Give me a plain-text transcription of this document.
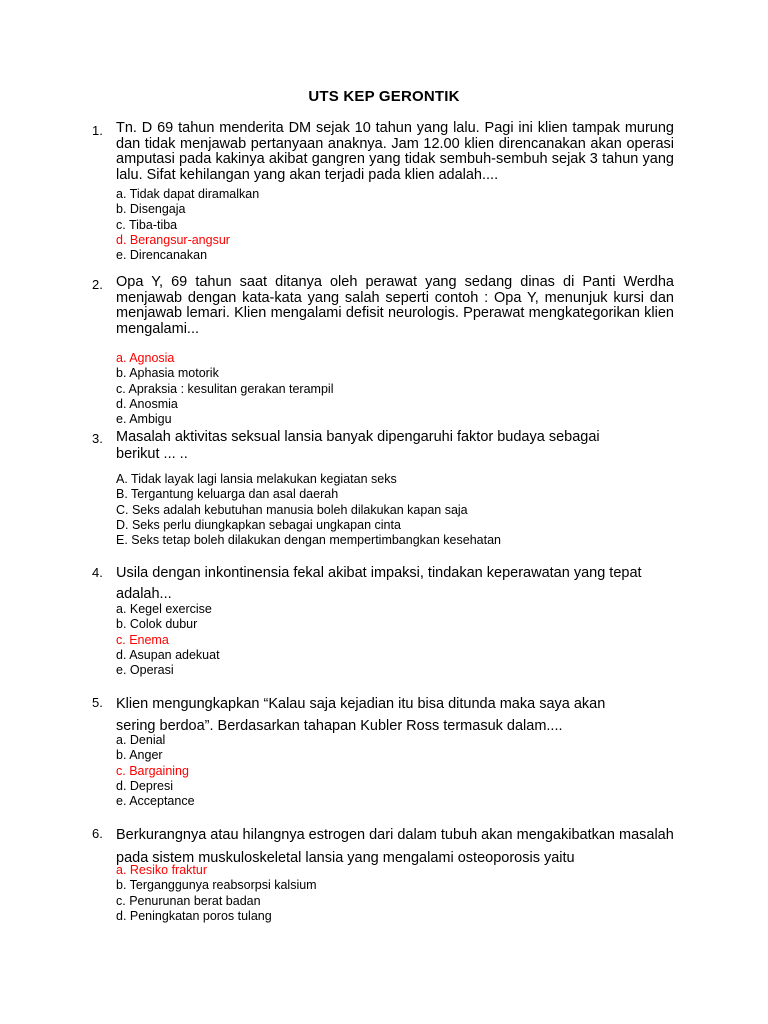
UTS KEP GERONTIK
1. Tn. D 69 tahun menderita DM sejak 10 tahun yang lalu. Pagi ini klien tampak murung dan tidak menjawab pertanyaan anaknya. Jam 12.00 klien direncanakan akan operasi amputasi pada kakinya akibat gangren yang tidak sembuh-sembuh sejak 3 tahun yang lalu. Sifat kehilangan yang akan terjadi pada klien adalah....

a. Tidak dapat diramalkan
b. Disengaja
c. Tiba-tiba
d. Berangsur-angsur
e. Direncanakan
2. Opa Y, 69 tahun saat ditanya oleh perawat yang sedang dinas di Panti Werdha menjawab dengan kata-kata yang salah seperti contoh : Opa Y, menunjuk kursi dan menjawab lemari. Klien mengalami defisit neurologis. Pperawat mengkategorikan klien mengalami...

a. Agnosia
b. Aphasia motorik
c. Apraksia : kesulitan gerakan terampil
d. Anosmia
e. Ambigu
3. Masalah aktivitas seksual lansia banyak dipengaruhi faktor budaya sebagai berikut ... ..

A. Tidak layak lagi lansia melakukan kegiatan seks
B. Tergantung keluarga dan asal daerah
C. Seks adalah kebutuhan manusia boleh dilakukan kapan saja
D. Seks perlu diungkapkan sebagai ungkapan cinta
E. Seks tetap boleh dilakukan dengan mempertimbangkan kesehatan
4. Usila dengan inkontinensia fekal akibat impaksi, tindakan keperawatan yang tepat adalah...

a. Kegel exercise
b. Colok dubur
c. Enema
d. Asupan adekuat
e. Operasi
5. Klien mengungkapkan “Kalau saja kejadian itu bisa ditunda maka saya akan sering berdoa”. Berdasarkan tahapan Kubler Ross termasuk dalam....

a. Denial
b. Anger
c. Bargaining
d. Depresi
e. Acceptance
6. Berkurangnya atau hilangnya estrogen dari dalam tubuh akan mengakibatkan masalah pada sistem muskuloskeletal lansia yang mengalami osteoporosis yaitu

a. Resiko fraktur
b. Terganggunya reabsorpsi kalsium
c. Penurunan berat badan
d. Peningkatan poros tulang
